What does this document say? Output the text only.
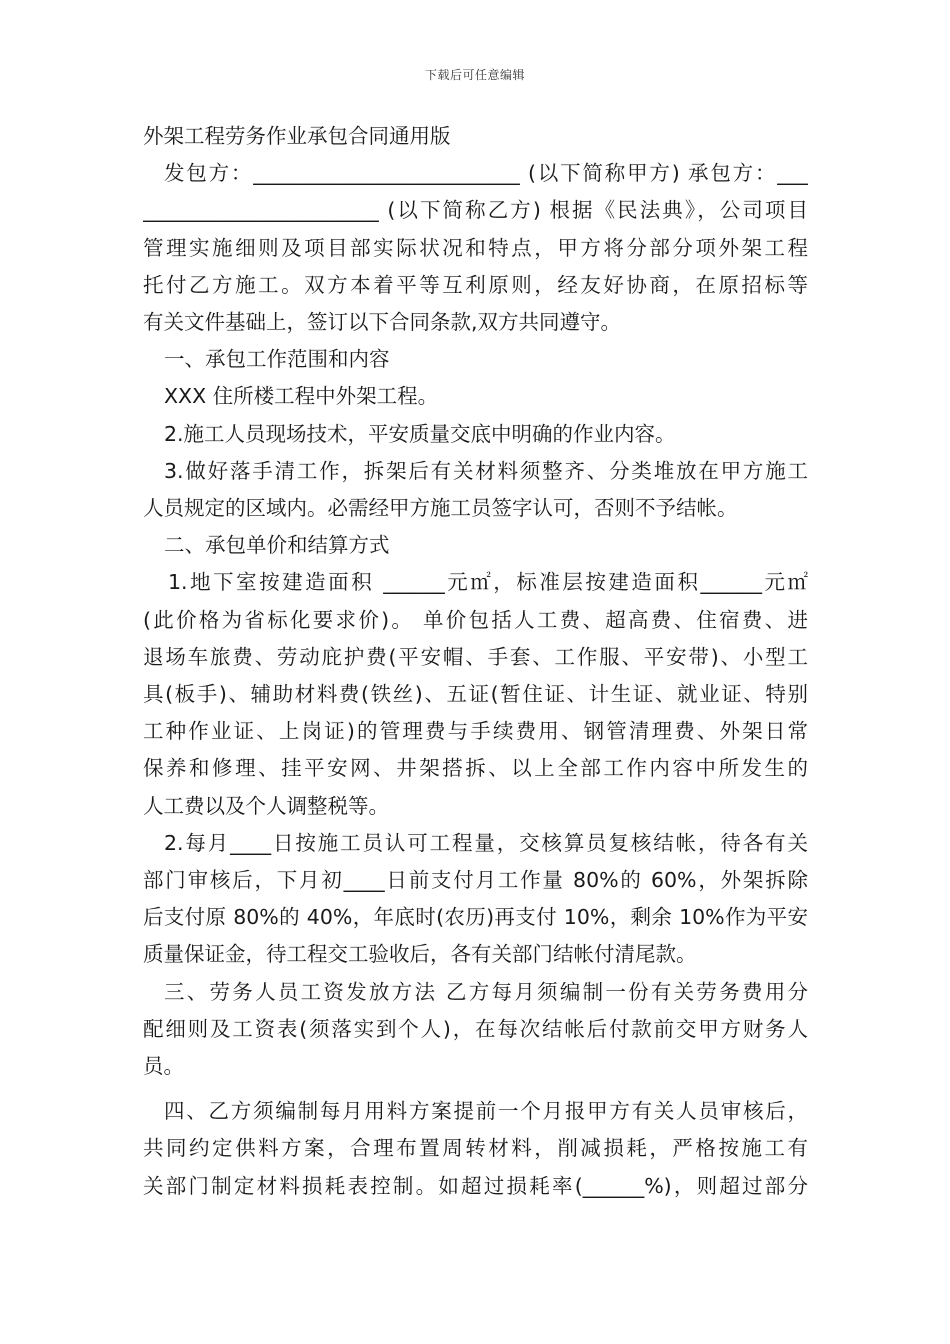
下载后可任意编辑
外架工程劳务作业承包合同通用版
发包方：__________________________ (以下简称甲方) 承包方：___
_______________________ (以下简称乙方) 根据《民法典》，公司项目
管理实施细则及项目部实际状况和特点，甲方将分部分项外架工程
托付乙方施工。双方本着平等互利原则，经友好协商，在原招标等
有关文件基础上，签订以下合同条款,双方共同遵守。
一、承包工作范围和内容
XXX 住所楼工程中外架工程。
2.施工人员现场技术，平安质量交底中明确的作业内容。
3.做好落手清工作，拆架后有关材料须整齐、分类堆放在甲方施工
人员规定的区域内。必需经甲方施工员签字认可，否则不予结帐。
二、承包单价和结算方式
1.地下室按建造面积 ______元㎡，标准层按建造面积______元㎡
(此价格为省标化要求价)。 单价包括人工费、超高费、住宿费、进
退场车旅费、劳动庇护费(平安帽、手套、工作服、平安带)、小型工
具(板手)、辅助材料费(铁丝)、五证(暂住证、计生证、就业证、特别
工种作业证、上岗证)的管理费与手续费用、钢管清理费、外架日常
保养和修理、挂平安网、井架搭拆、以上全部工作内容中所发生的
人工费以及个人调整税等。
2.每月____日按施工员认可工程量，交核算员复核结帐，待各有关
部门审核后，下月初____日前支付月工作量 80%的 60%，外架拆除
后支付原 80%的 40%，年底时(农历)再支付 10%，剩余 10%作为平安
质量保证金，待工程交工验收后，各有关部门结帐付清尾款。
三、劳务人员工资发放方法 乙方每月须编制一份有关劳务费用分
配细则及工资表(须落实到个人)，在每次结帐后付款前交甲方财务人
员。
四、乙方须编制每月用料方案提前一个月报甲方有关人员审核后，
共同约定供料方案，合理布置周转材料，削减损耗，严格按施工有
关部门制定材料损耗表控制。如超过损耗率(______%)，则超过部分
